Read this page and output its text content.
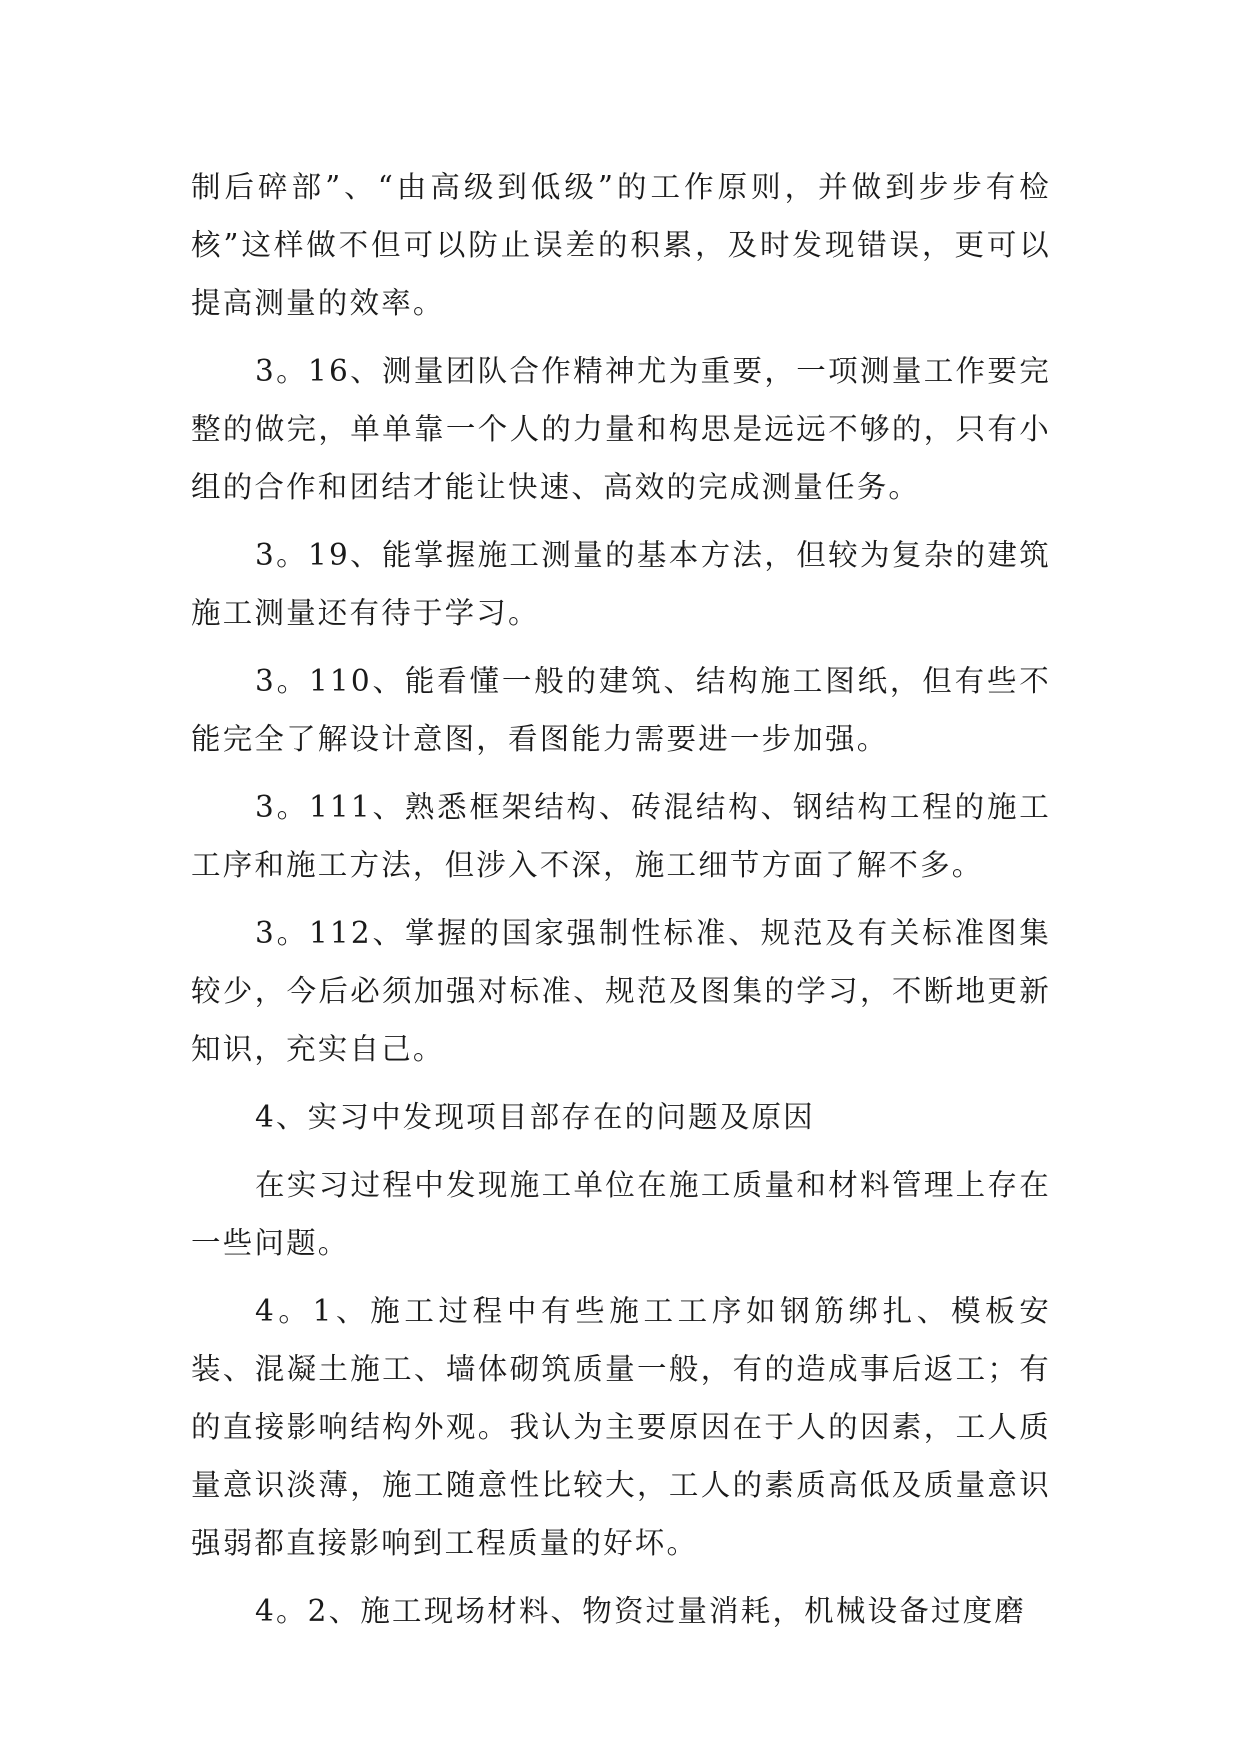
制后碎部”、“由高级到低级”的工作原则，并做到步步有检核”这样做不但可以防止误差的积累，及时发现错误，更可以提高测量的效率。

3。16、测量团队合作精神尤为重要，一项测量工作要完整的做完，单单靠一个人的力量和构思是远远不够的，只有小组的合作和团结才能让快速、高效的完成测量任务。

3。19、能掌握施工测量的基本方法，但较为复杂的建筑施工测量还有待于学习。

3。110、能看懂一般的建筑、结构施工图纸，但有些不能完全了解设计意图，看图能力需要进一步加强。

3。111、熟悉框架结构、砖混结构、钢结构工程的施工工序和施工方法，但涉入不深，施工细节方面了解不多。

3。112、掌握的国家强制性标准、规范及有关标准图集较少，今后必须加强对标准、规范及图集的学习，不断地更新知识，充实自己。

4、实习中发现项目部存在的问题及原因

在实习过程中发现施工单位在施工质量和材料管理上存在一些问题。

4。1、施工过程中有些施工工序如钢筋绑扎、模板安装、混凝土施工、墙体砌筑质量一般，有的造成事后返工；有的直接影响结构外观。我认为主要原因在于人的因素，工人质量意识淡薄，施工随意性比较大，工人的素质高低及质量意识强弱都直接影响到工程质量的好坏。

4。2、施工现场材料、物资过量消耗，机械设备过度磨
